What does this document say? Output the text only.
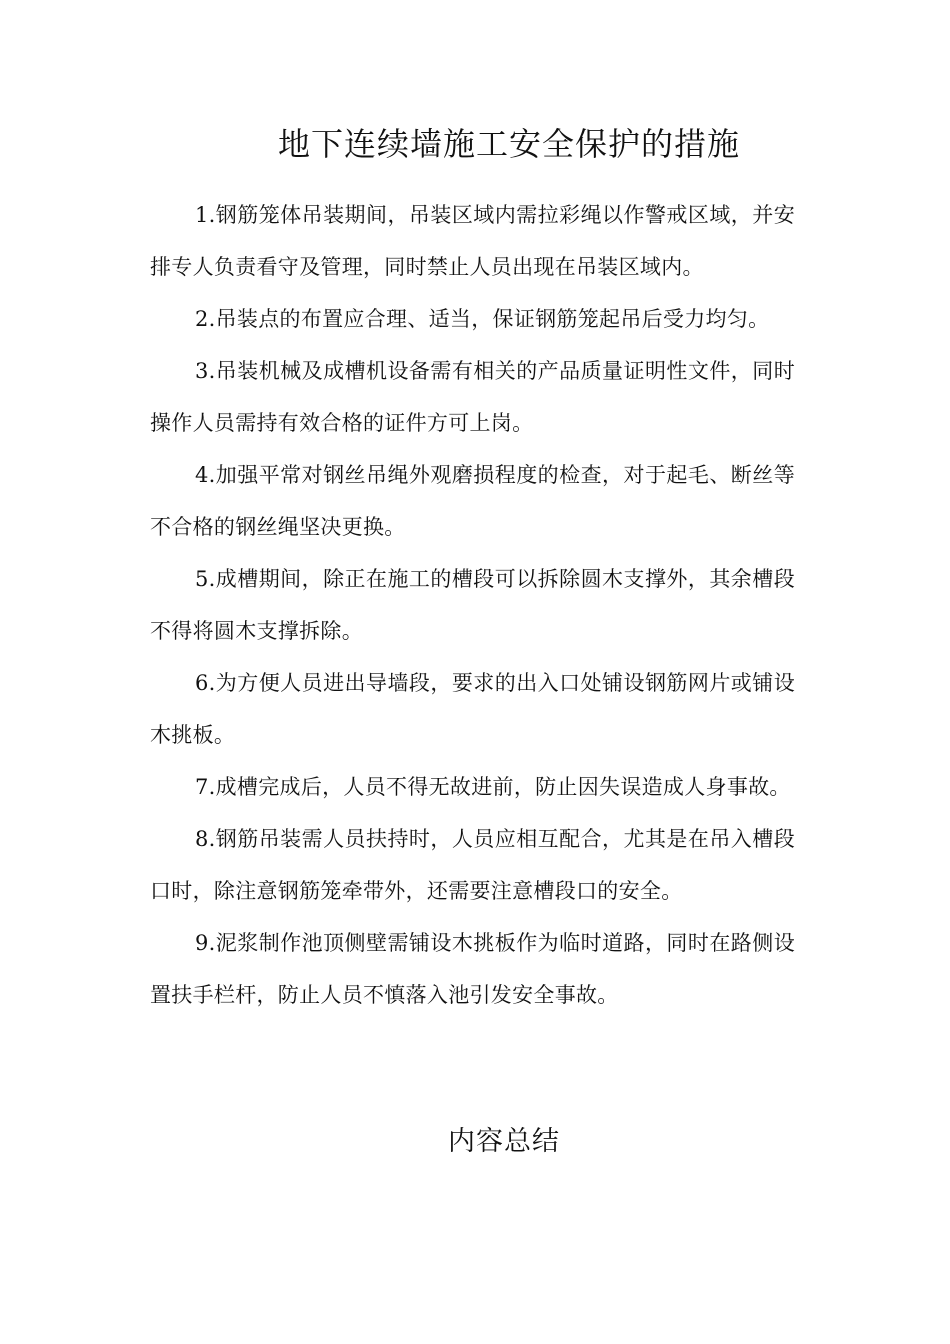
地下连续墙施工安全保护的措施

1.钢筋笼体吊装期间，吊装区域内需拉彩绳以作警戒区域，并安排专人负责看守及管理，同时禁止人员出现在吊装区域内。

2.吊装点的布置应合理、适当，保证钢筋笼起吊后受力均匀。

3.吊装机械及成槽机设备需有相关的产品质量证明性文件，同时操作人员需持有效合格的证件方可上岗。

4.加强平常对钢丝吊绳外观磨损程度的检查，对于起毛、断丝等不合格的钢丝绳坚决更换。

5.成槽期间，除正在施工的槽段可以拆除圆木支撑外，其余槽段不得将圆木支撑拆除。

6.为方便人员进出导墙段，要求的出入口处铺设钢筋网片或铺设木挑板。

7.成槽完成后，人员不得无故进前，防止因失误造成人身事故。

8.钢筋吊装需人员扶持时，人员应相互配合，尤其是在吊入槽段口时，除注意钢筋笼牵带外，还需要注意槽段口的安全。

9.泥浆制作池顶侧壁需铺设木挑板作为临时道路，同时在路侧设置扶手栏杆，防止人员不慎落入池引发安全事故。

内容总结
